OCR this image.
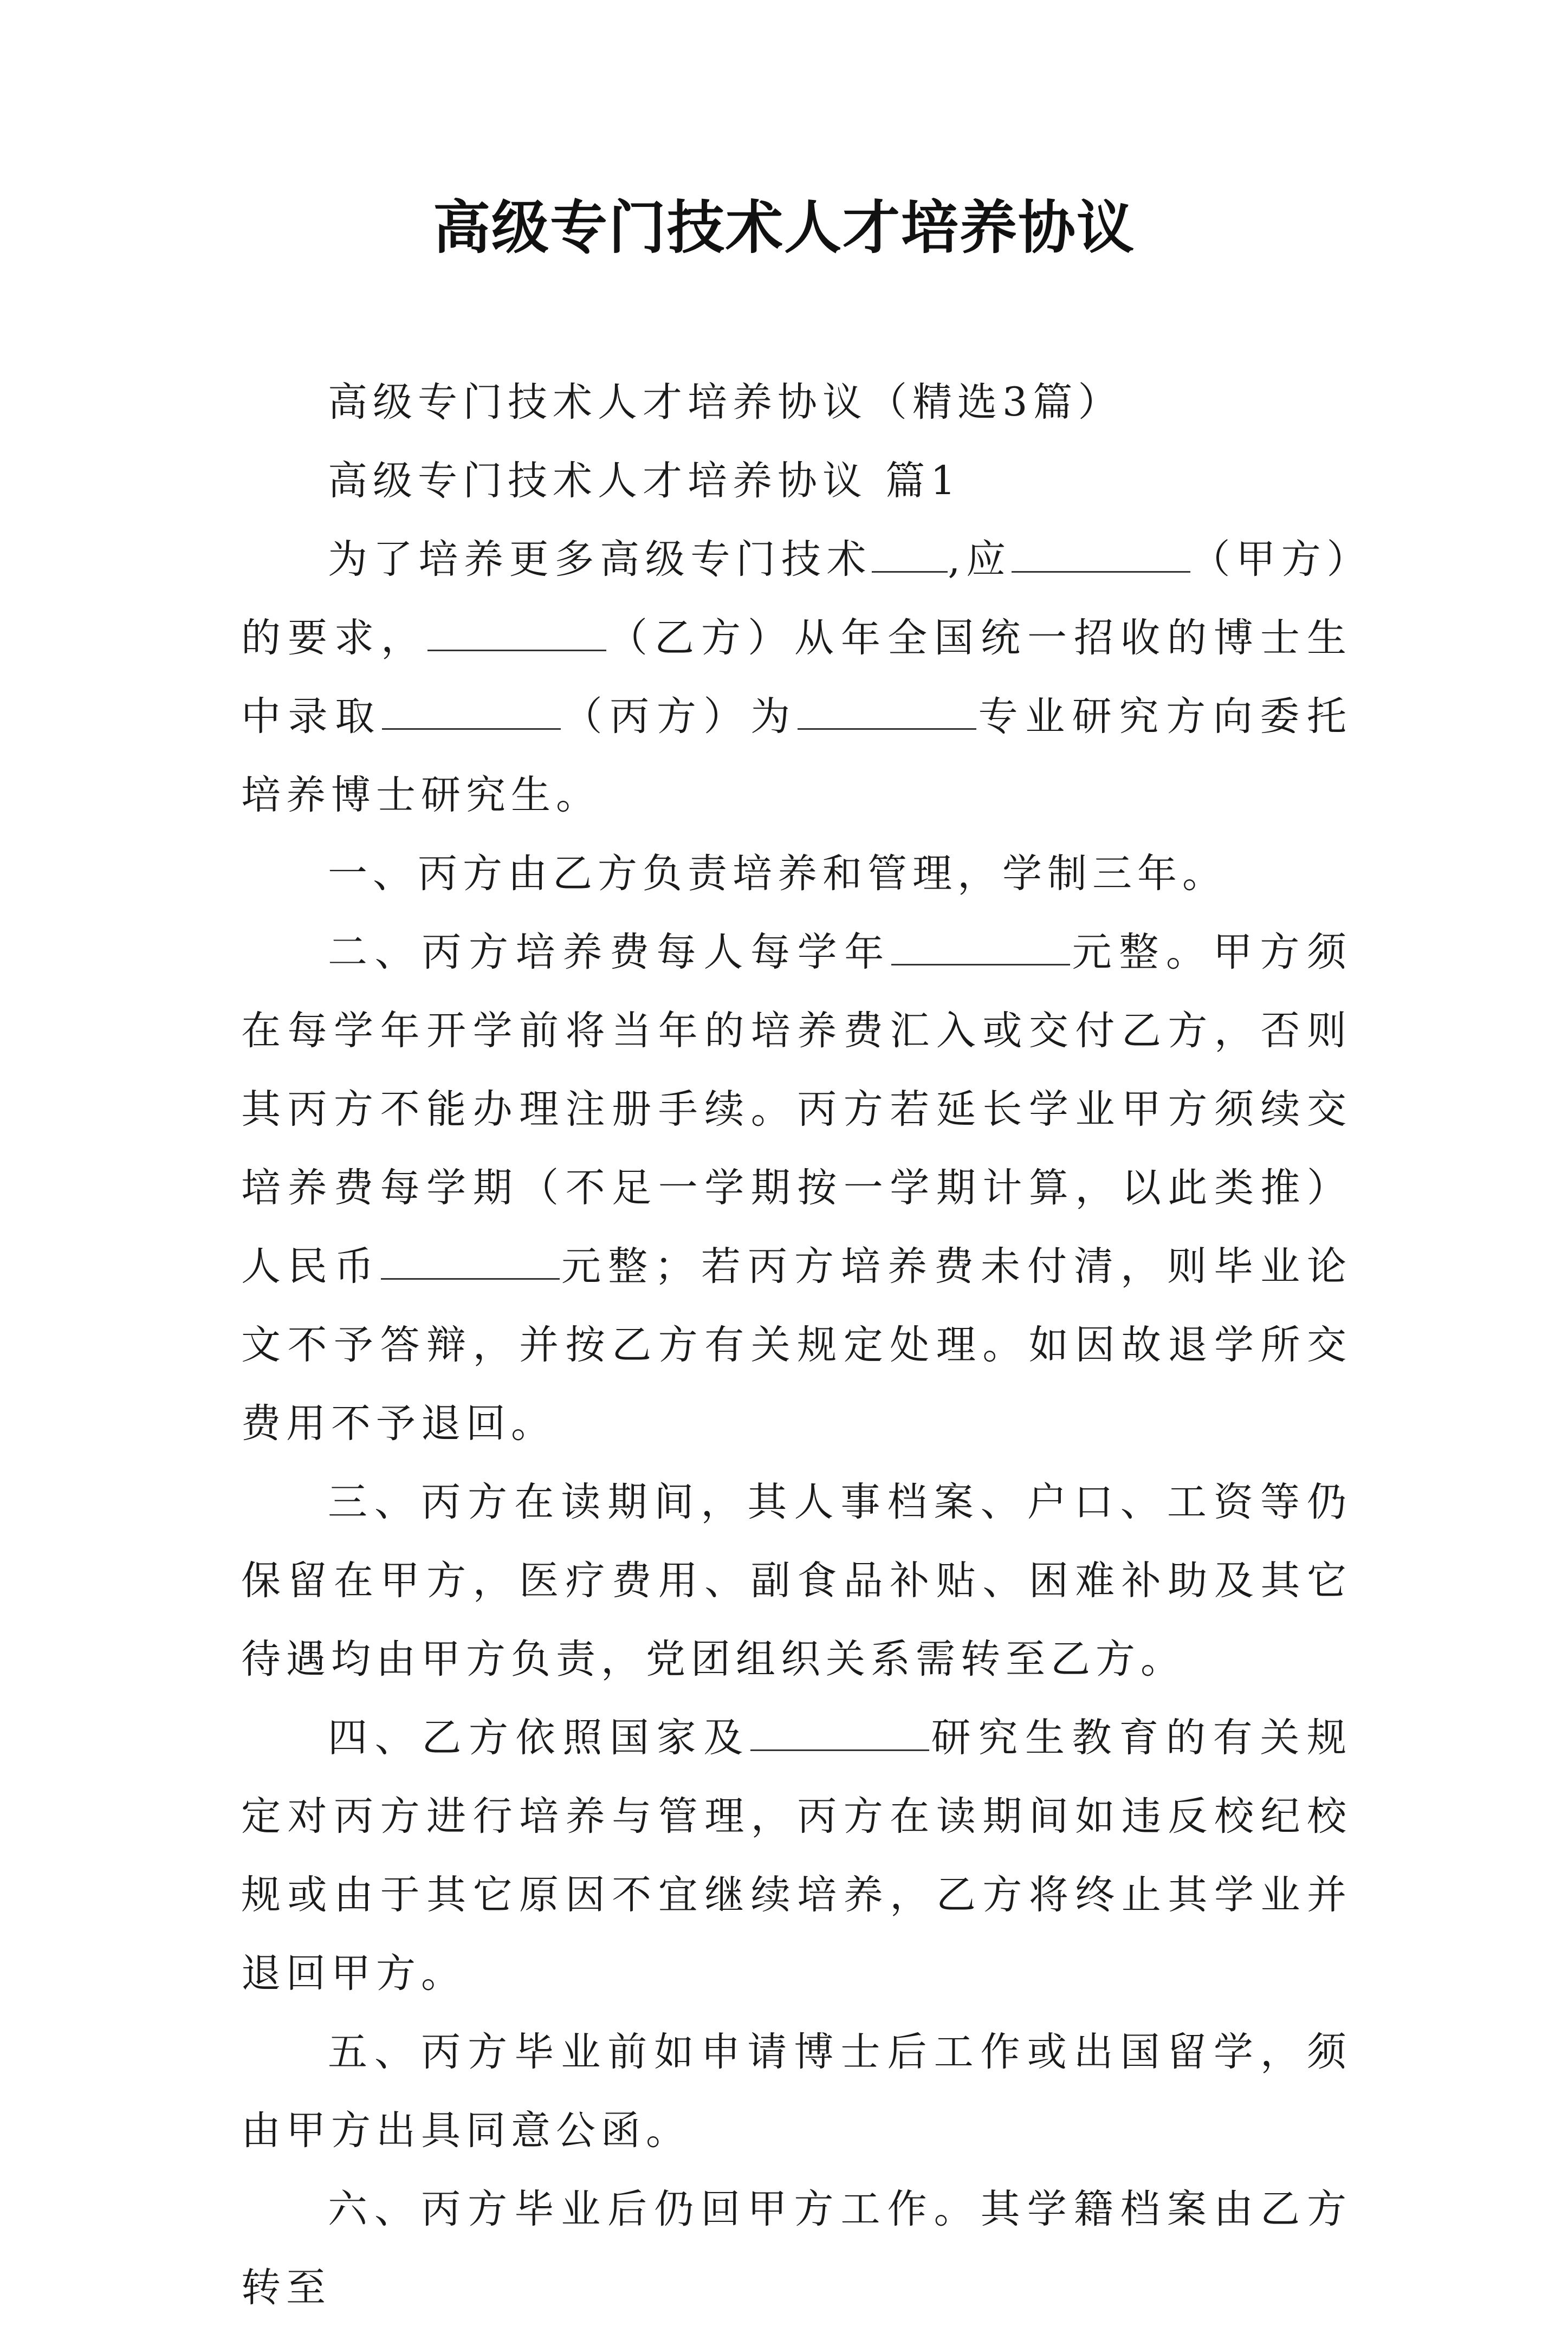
高级专门技术人才培养协议

高级专门技术人才培养协议（精选3篇）

高级专门技术人才培养协议 篇1

为了培养更多高级专门技术 ,应	（甲方）的要求，	（乙方）从年全国统一招收的博士生中录取	（丙方）为	专业研究方向委托培养博士研究生。

一、丙方由乙方负责培养和管理，学制三年。

二、丙方培养费每人每学年	元整。甲方须在每学年开学前将当年的培养费汇入或交付乙方，否则其丙方不能办理注册手续。丙方若延长学业甲方须续交培养费每学期（不足一学期按一学期计算，以此类推）人民币	元整；若丙方培养费未付清，则毕业论文不予答辩，并按乙方有关规定处理。如因故退学所交费用不予退回。

三、丙方在读期间，其人事档案、户口、工资等仍保留在甲方，医疗费用、副食品补贴、困难补助及其它待遇均由甲方负责，党团组织关系需转至乙方。

四、乙方依照国家及	研究生教育的有关规定对丙方进行培养与管理，丙方在读期间如违反校纪校规或由于其它原因不宜继续培养，乙方将终止其学业并退回甲方。

五、丙方毕业前如申请博士后工作或出国留学，须由甲方出具同意公函。

六、丙方毕业后仍回甲方工作。其学籍档案由乙方转至
